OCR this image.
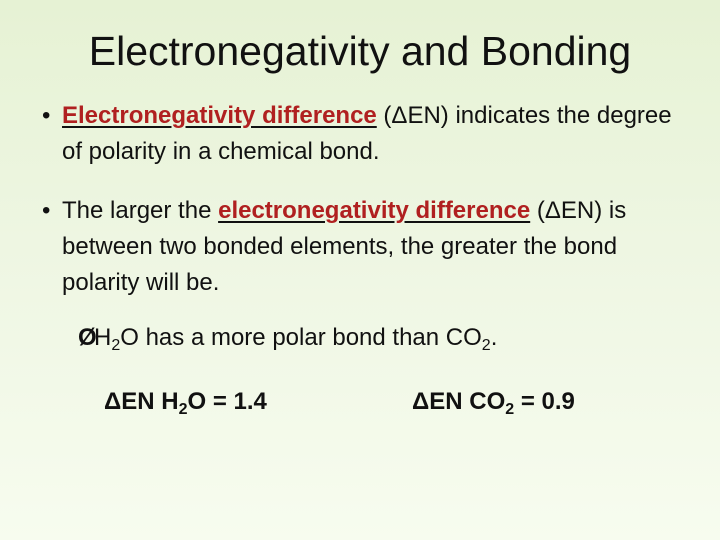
Electronegativity and Bonding
• Electronegativity difference (ΔEN) indicates the degree of polarity in a chemical bond.
• The larger the electronegativity difference (ΔEN) is between two bonded elements, the greater the bond polarity will be.
$ØH_2O$ has a more polar bond than $CO_2$.
ΔEN $H_2O = 1.4$	ΔEN $CO_2 = 0.9$
